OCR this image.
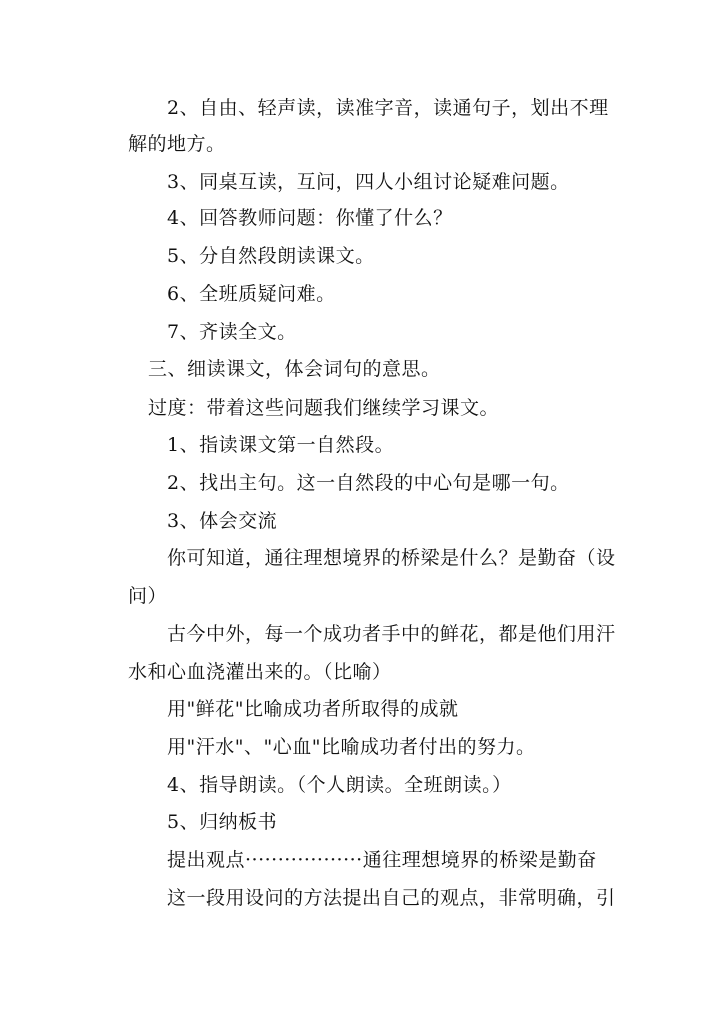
2、自由、轻声读，读准字音，读通句子，划出不理
解的地方。
3、同桌互读，互问，四人小组讨论疑难问题。
4、回答教师问题：你懂了什么？
5、分自然段朗读课文。
6、全班质疑问难。
7、齐读全文。
三、细读课文，体会词句的意思。
过度：带着这些问题我们继续学习课文。
1、指读课文第一自然段。
2、找出主句。这一自然段的中心句是哪一句。
3、体会交流
你可知道，通往理想境界的桥梁是什么？是勤奋（设
问）
古今中外，每一个成功者手中的鲜花，都是他们用汗
水和心血浇灌出来的。（比喻）
用"鲜花"比喻成功者所取得的成就
用"汗水"、"心血"比喻成功者付出的努力。
4、指导朗读。（个人朗读。全班朗读。）
5、归纳板书
提出观点··················通往理想境界的桥梁是勤奋
这一段用设问的方法提出自己的观点，非常明确，引
